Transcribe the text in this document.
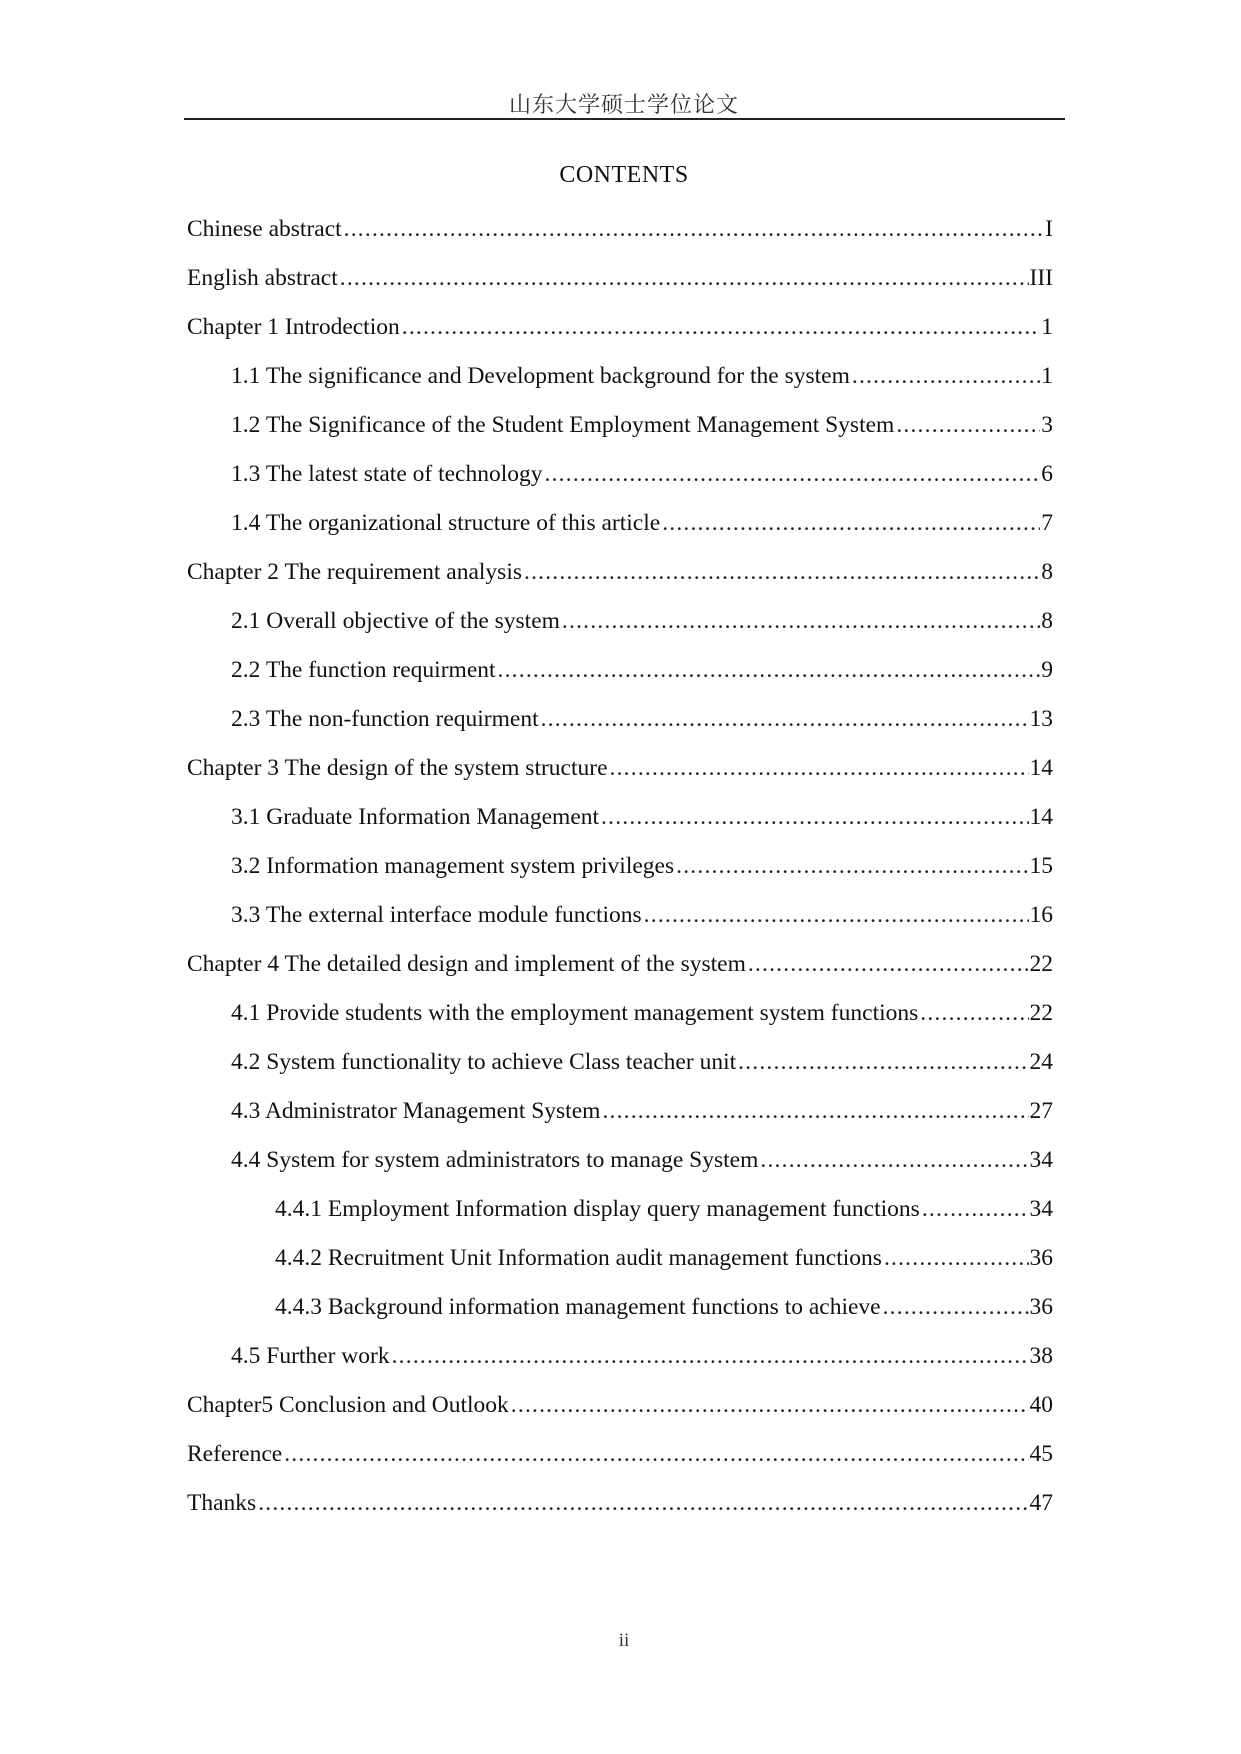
山东大学硕士学位论文
CONTENTS
Chinese abstract .....	I
English abstract .....	III
Chapter 1 Introdection .....	1
1.1 The significance and Development background for the system .....	1
1.2 The Significance of the Student Employment Management System .....	3
1.3 The latest state of technology .....	6
1.4 The organizational structure of this article .....	7
Chapter 2 The requirement analysis .....	8
2.1 Overall objective of the system .....	8
2.2 The function requirment .....	9
2.3 The non-function requirment .....	13
Chapter 3 The design of the system structure .....	14
3.1 Graduate Information Management .....	14
3.2 Information management system privileges .....	15
3.3 The external interface module functions .....	16
Chapter 4 The detailed design and implement of the system .....	22
4.1 Provide students with the employment management system functions .....	22
4.2 System functionality to achieve Class teacher unit .....	24
4.3 Administrator Management System .....	27
4.4 System for system administrators to manage System .....	34
4.4.1 Employment Information display query management functions .....	34
4.4.2 Recruitment Unit Information audit management functions .....	36
4.4.3 Background information management functions to achieve .....	36
4.5 Further work .....	38
Chapter5 Conclusion and Outlook .....	40
Reference .....	45
Thanks .....	47
ii
